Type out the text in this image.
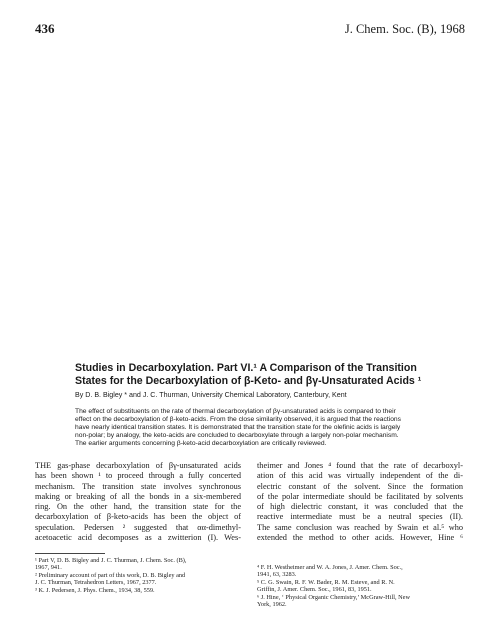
436	J. Chem. Soc. (B), 1968
Studies in Decarboxylation. Part VI.¹ A Comparison of the Transition
States for the Decarboxylation of β-Keto- and βγ-Unsaturated Acids ¹
By D. B. Bigley * and J. C. Thurman, University Chemical Laboratory, Canterbury, Kent
The effect of substituents on the rate of thermal decarboxylation of βγ-unsaturated acids is compared to their
effect on the decarboxylation of β-keto-acids. From the close similarity observed, it is argued that the reactions
have nearly identical transition states. It is demonstrated that the transition state for the olefinic acids is largely
non-polar; by analogy, the keto-acids are concluded to decarboxylate through a largely non-polar mechanism.
The earlier arguments concerning β-keto-acid decarboxylation are critically reviewed.
THE gas-phase decarboxylation of βγ-unsaturated acids
has been shown ¹ to proceed through a fully concerted
mechanism. The transition state involves synchronous
making or breaking of all the bonds in a six-membered
ring. On the other hand, the transition state for the
decarboxylation of β-keto-acids has been the object of
speculation. Pedersen ² suggested that αα-dimethyl-
acetoacetic acid decomposes as a zwitterion (I). Wes-
theimer and Jones ⁴ found that the rate of decarboxyl-
ation of this acid was virtually independent of the di-
electric constant of the solvent. Since the formation
of the polar intermediate should be facilitated by solvents
of high dielectric constant, it was concluded that the
reactive intermediate must be a neutral species (II).
The same conclusion was reached by Swain et al.⁵ who
extended the method to other acids. However, Hine ⁶
¹ Part V, D. B. Bigley and J. C. Thurman, J. Chem. Soc. (B),
1967, 941.
² Preliminary account of part of this work, D. B. Bigley and
J. C. Thurman, Tetrahedron Letters, 1967, 2377.
³ K. J. Pedersen, J. Phys. Chem., 1934, 38, 559.
⁴ F. H. Westheimer and W. A. Jones, J. Amer. Chem. Soc.,
1941, 63, 3283.
⁵ C. G. Swain, R. F. W. Bader, R. M. Esteve, and R. N.
Griffin, J. Amer. Chem. Soc., 1961, 83, 1951.
⁶ J. Hine, ‘ Physical Organic Chemistry,’ McGraw-Hill, New
York, 1962.
